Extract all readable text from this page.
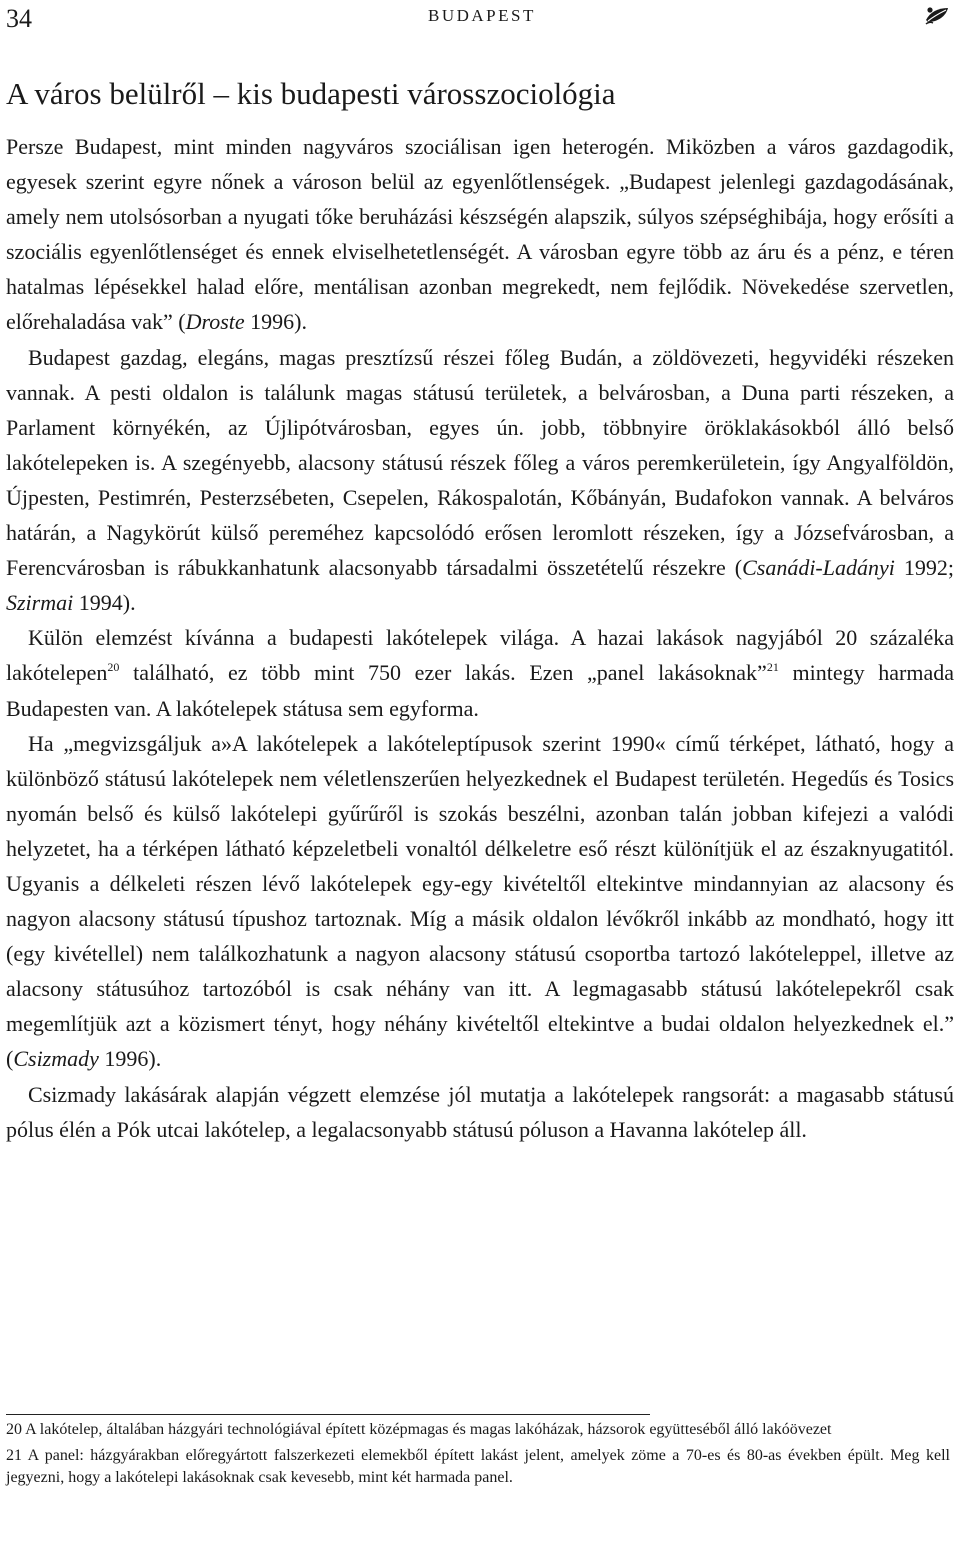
34	BUDAPEST
A város belülről – kis budapesti városszociológia

Persze Budapest, mint minden nagyváros szociálisan igen heterogén. Miközben a város gazdagodik, egyesek szerint egyre nőnek a városon belül az egyenlőtlenségek. „Budapest jelenlegi gazdagodásának, amely nem utolsósorban a nyugati tőke beruházási készségén alapszik, súlyos szépséghibája, hogy erősíti a szociális egyenlőtlenséget és ennek elviselhetetlenségét. A városban egyre több az áru és a pénz, e téren hatalmas lépésekkel halad előre, mentálisan azonban megrekedt, nem fejlődik. Növekedése szervetlen, előrehaladása vak” (Droste 1996).

Budapest gazdag, elegáns, magas presztízsű részei főleg Budán, a zöldövezeti, hegyvidéki részeken vannak. A pesti oldalon is találunk magas státusú területek, a belvárosban, a Duna parti részeken, a Parlament környékén, az Újlipótvárosban, egyes ún. jobb, többnyire öröklakásokból álló belső lakótelepeken is. A szegényebb, alacsony státusú részek főleg a város peremkerületein, így Angyalföldön, Újpesten, Pestimrén, Pesterzsébeten, Csepelen, Rákospalotán, Kőbányán, Budafokon vannak. A belváros határán, a Nagykörút külső pereméhez kapcsolódó erősen leromlott részeken, így a Józsefvárosban, a Ferencvárosban is rábukkanhatunk alacsonyabb társadalmi összetételű részekre (Csanádi-Ladányi 1992; Szirmai 1994).

Külön elemzést kívánna a budapesti lakótelepek világa. A hazai lakások nagyjából 20 százaléka lakótelepen$^{20}$ található, ez több mint 750 ezer lakás. Ezen „panel lakásoknak”$^{21}$ mintegy harmada Budapesten van. A lakótelepek státusa sem egyforma.

Ha „megvizsgáljuk a»A lakótelepek a lakóteleptípusok szerint 1990« című térképet, látható, hogy a különböző státusú lakótelepek nem véletlenszerűen helyezkednek el Budapest területén. Hegedűs és Tosics nyomán belső és külső lakótelepi gyűrűről is szokás beszélni, azonban talán jobban kifejezi a valódi helyzetet, ha a térképen látható képzeletbeli vonaltól délkeletre eső részt különítjük el az északnyugatitól. Ugyanis a délkeleti részen lévő lakótelepek egy-egy kivételtől eltekintve mindannyian az alacsony és nagyon alacsony státusú típushoz tartoznak. Míg a másik oldalon lévőkről inkább az mondható, hogy itt (egy kivétellel) nem találkozhatunk a nagyon alacsony státusú csoportba tartozó lakóteleppel, illetve az alacsony státusúhoz tartozóból is csak néhány van itt. A legmagasabb státusú lakótelepekről csak megemlítjük azt a közismert tényt, hogy néhány kivételtől eltekintve a budai oldalon helyezkednek el.” (Csizmady 1996).

Csizmady lakásárak alapján végzett elemzése jól mutatja a lakótelepek rangsorát: a magasabb státusú pólus élén a Pók utcai lakótelep, a legalacsonyabb státusú póluson a Havanna lakótelep áll.

20 A lakótelep, általában házgyári technológiával épített középmagas és magas lakóházak, házsorok együtteséből álló lakóövezet

21 A panel: házgyárakban előregyártott falszerkezeti elemekből épített lakást jelent, amelyek zöme a 70-es és 80-as években épült. Meg kell jegyezni, hogy a lakótelepi lakásoknak csak kevesebb, mint két harmada panel.
